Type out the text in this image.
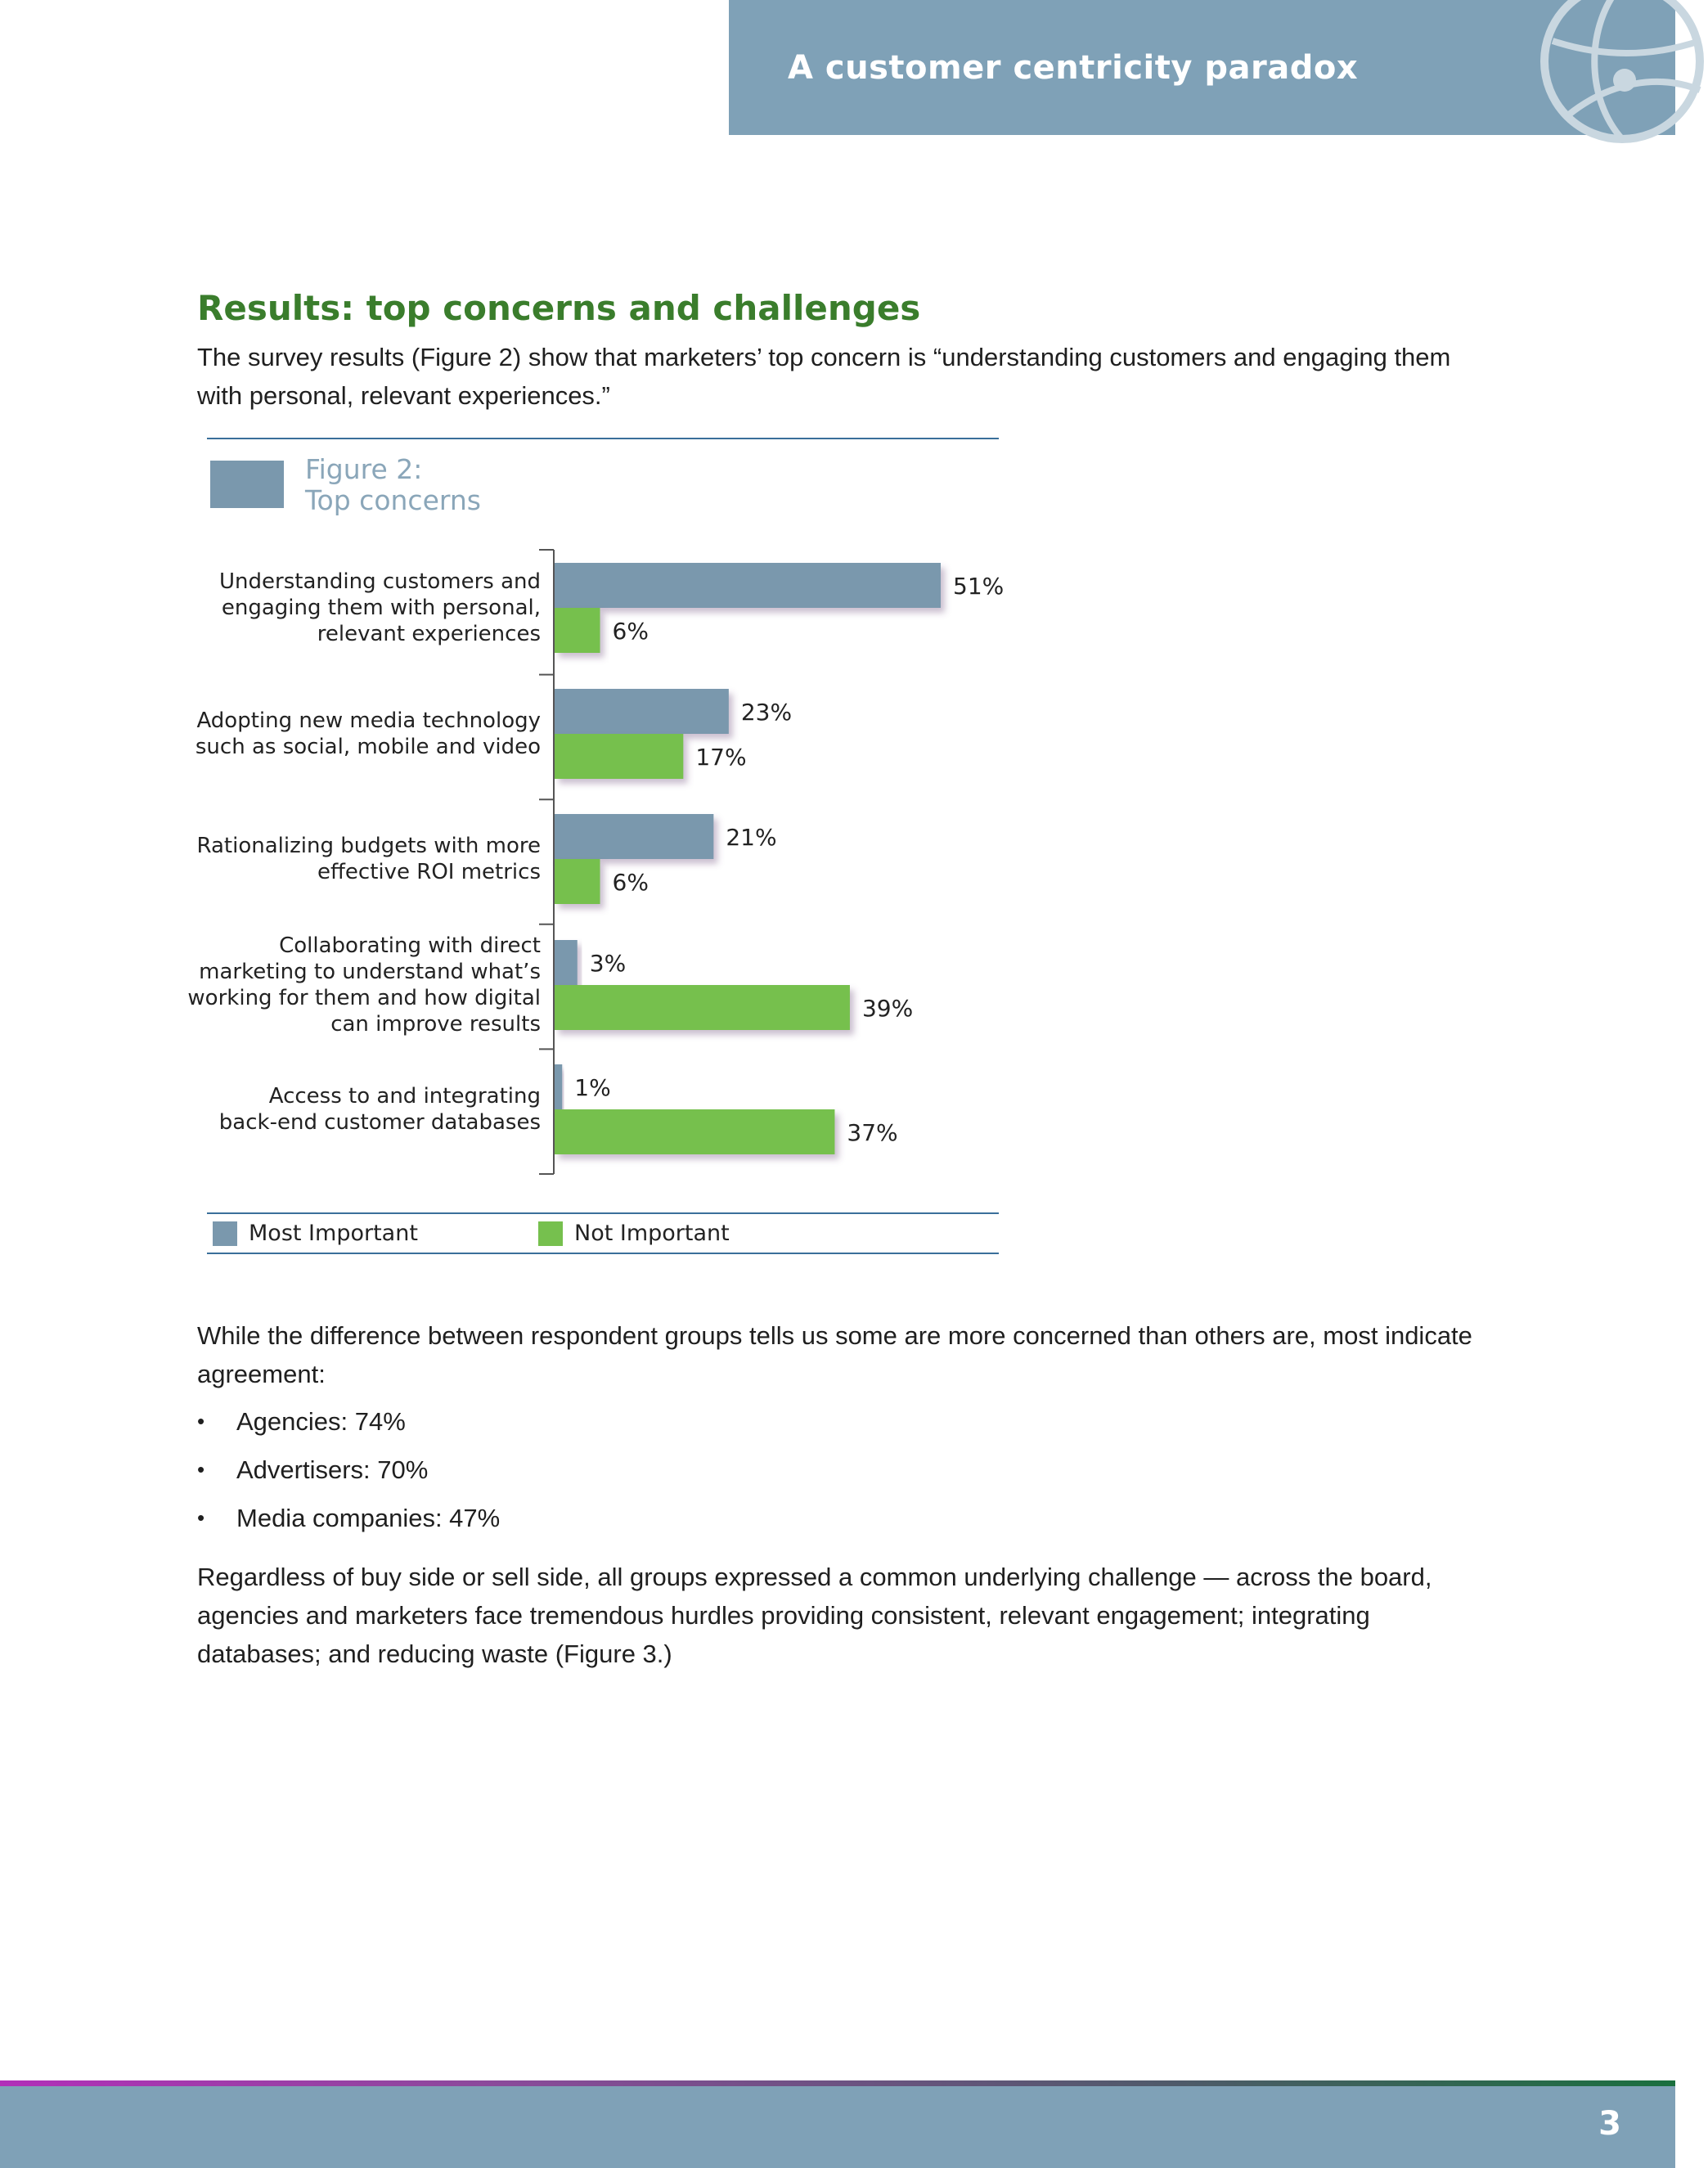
A customer centricity paradox
Results: top concerns and challenges
The survey results (Figure 2) show that marketers’ top concern is “understanding customers and engaging them with personal, relevant experiences.”
Figure 2:
Top concerns
Understanding customers and
engaging them with personal,
relevant experiences
51%
6%
Adopting new media technology
such as social, mobile and video
23%
17%
Rationalizing budgets with more
effective ROI metrics
21%
6%
Collaborating with direct
marketing to understand what’s
working for them and how digital
can improve results
3%
39%
Access to and integrating
back-end customer databases
1%
37%
Most Important	Not Important
While the difference between respondent groups tells us some are more concerned than others are, most indicate agreement:
• Agencies: 74%
• Advertisers: 70%
• Media companies: 47%
Regardless of buy side or sell side, all groups expressed a common underlying challenge — across the board, agencies and marketers face tremendous hurdles providing consistent, relevant engagement; integrating databases; and reducing waste (Figure 3.)
3
